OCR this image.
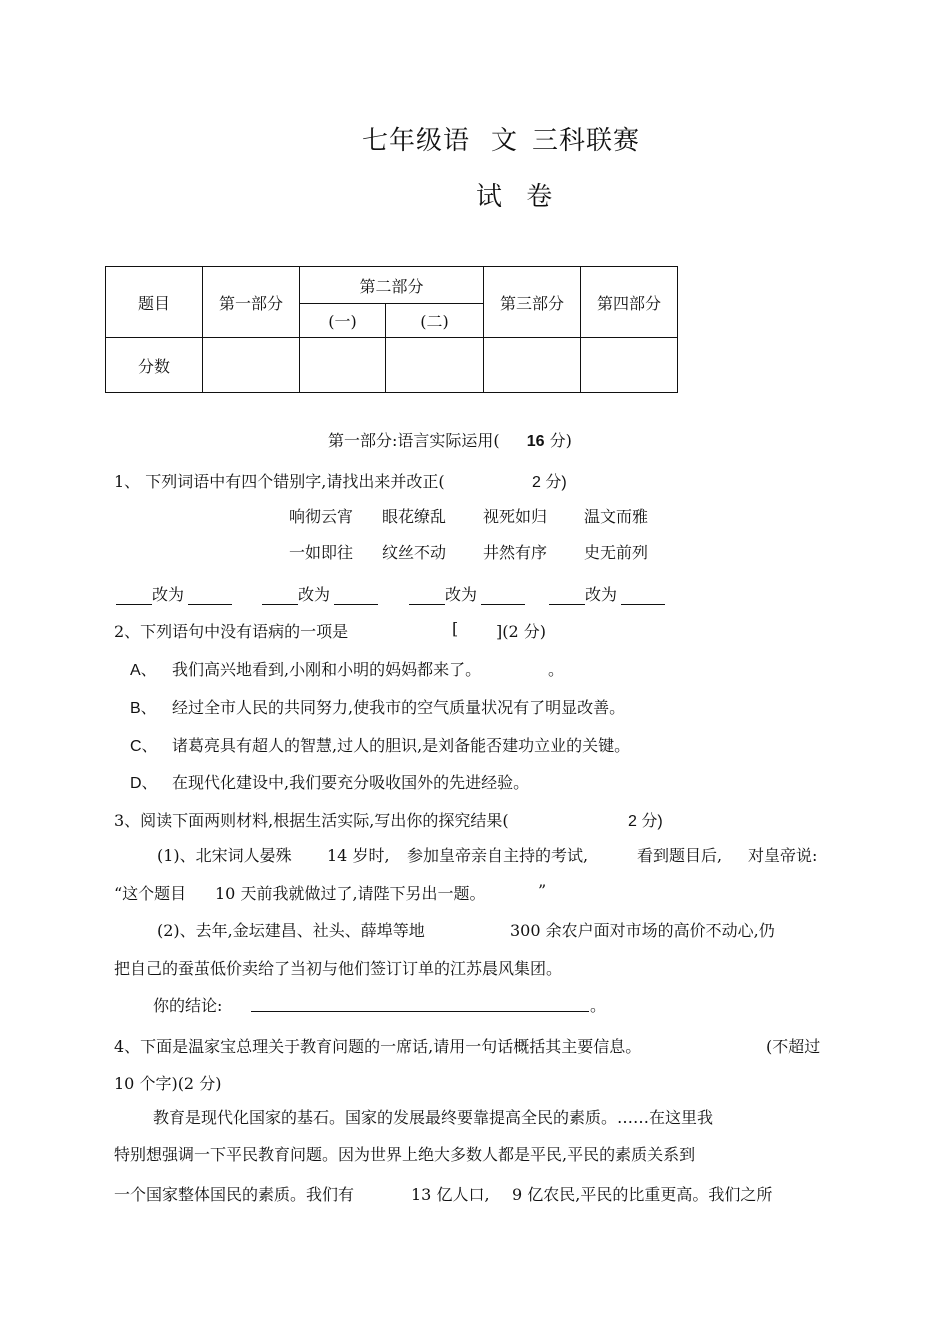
七年级语 文 三科联赛
试 卷
题目	第一部分	第二部分		第三部分	第四部分
		(一)	(二)		
分数					
第一部分:语言实际运用( 16 分)
1、 下列词语中有四个错别字,请找出来并改正(	2 分)
响彻云宵 眼花缭乱 视死如归 温文而雅
一如即往 纹丝不动 井然有序 史无前列
改为	改为	改为	改为
2、下列语句中没有语病的一项是	[ ](2 分)
A、 我们高兴地看到,小刚和小明的妈妈都来了。	。
B、 经过全市人民的共同努力,使我市的空气质量状况有了明显改善。
C、 诸葛亮具有超人的智慧,过人的胆识,是刘备能否建功立业的关键。
D、 在现代化建设中,我们要充分吸收国外的先进经验。
3、阅读下面两则材料,根据生活实际,写出你的探究结果(	2 分)
(1)、北宋词人晏殊 14 岁时, 参加皇帝亲自主持的考试,	看到题目后, 对皇帝说:
“这个题目 10 天前我就做过了,请陛下另出一题。	”
(2)、去年,金坛建昌、社头、薛埠等地	300 余农户面对市场的高价不动心,仍
把自己的蚕茧低价卖给了当初与他们签订订单的江苏晨风集团。
你的结论:	。
4、下面是温家宝总理关于教育问题的一席话,请用一句话概括其主要信息。	(不超过
10 个字)(2 分)
教育是现代化国家的基石。国家的发展最终要靠提高全民的素质。……在这里我
特别想强调一下平民教育问题。因为世界上绝大多数人都是平民,平民的素质关系到
一个国家整体国民的素质。我们有	13 亿人口, 9 亿农民,平民的比重更高。我们之所
